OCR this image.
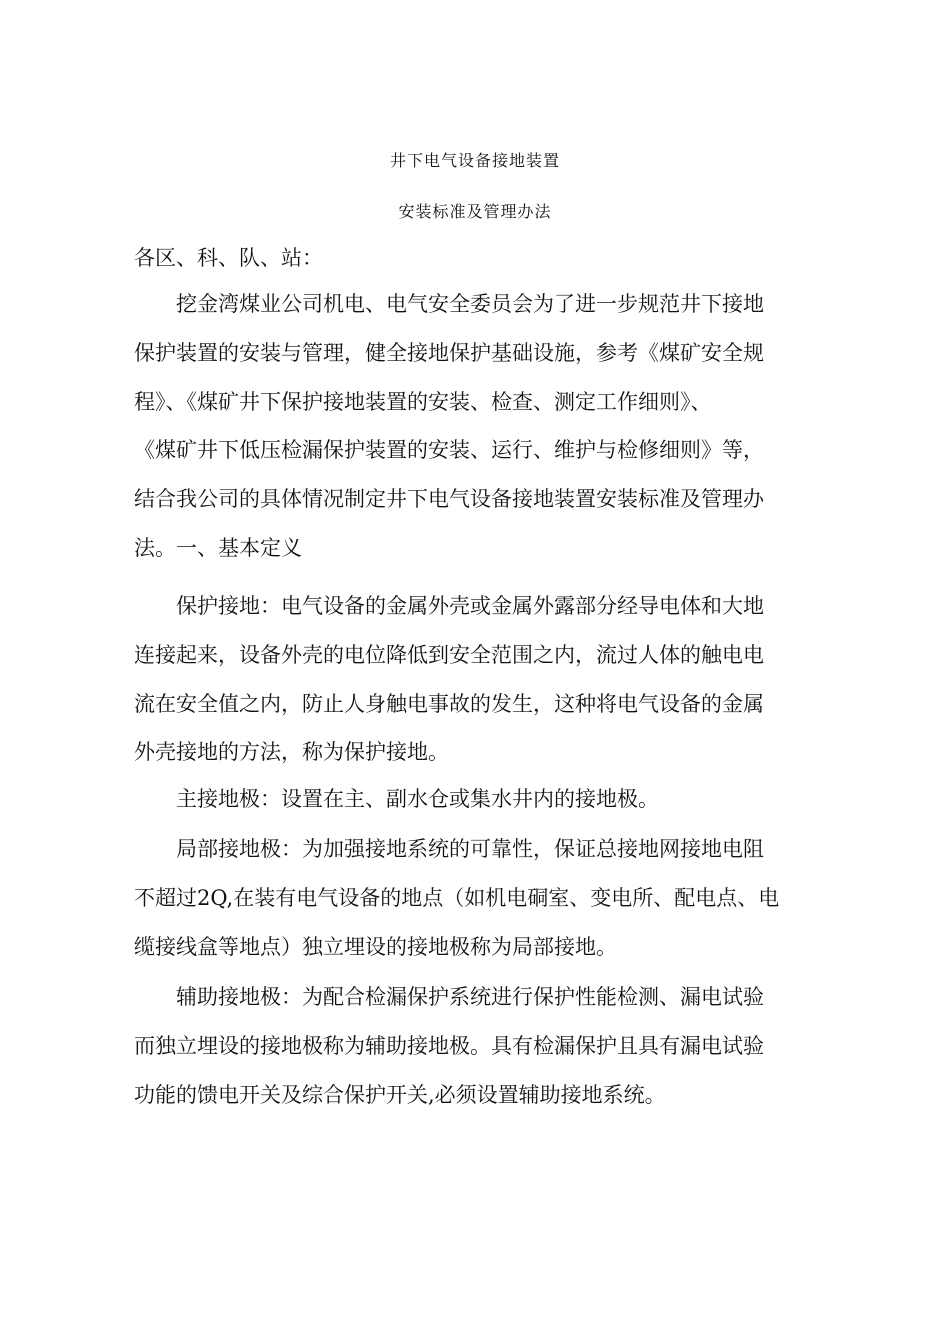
井下电气设备接地装置
安装标准及管理办法
各区、科、队、站：
挖金湾煤业公司机电、电气安全委员会为了进一步规范井下接地
保护装置的安装与管理，健全接地保护基础设施，参考《煤矿安全规
程》、《煤矿井下保护接地装置的安装、检查、测定工作细则》、
《煤矿井下低压检漏保护装置的安装、运行、维护与检修细则》等，
结合我公司的具体情况制定井下电气设备接地装置安装标准及管理办
法。一、基本定义
保护接地：电气设备的金属外壳或金属外露部分经导电体和大地
连接起来，设备外壳的电位降低到安全范围之内，流过人体的触电电
流在安全值之内，防止人身触电事故的发生，这种将电气设备的金属
外壳接地的方法，称为保护接地。
主接地极：设置在主、副水仓或集水井内的接地极。
局部接地极：为加强接地系统的可靠性，保证总接地网接地电阻
不超过2Q,在装有电气设备的地点（如机电硐室、变电所、配电点、电
缆接线盒等地点）独立埋设的接地极称为局部接地。
辅助接地极：为配合检漏保护系统进行保护性能检测、漏电试验
而独立埋设的接地极称为辅助接地极。具有检漏保护且具有漏电试验
功能的馈电开关及综合保护开关,必须设置辅助接地系统。
